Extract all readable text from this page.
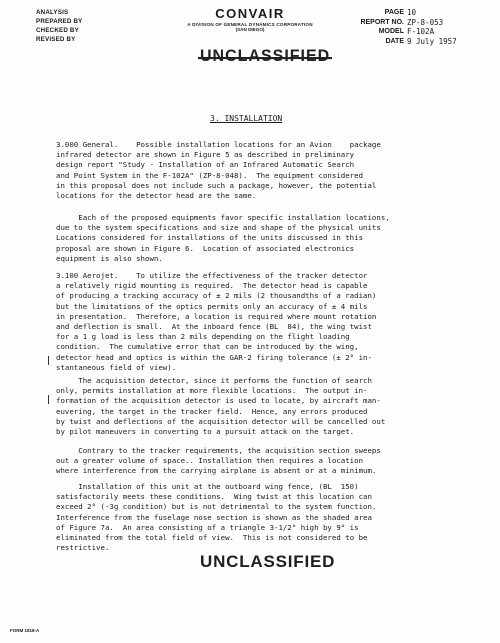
ANALYSIS
PREPARED BY
CHECKED BY
REVISED BY
CONVAIR
A DIVISION OF GENERAL DYNAMICS CORPORATION
(SAN DIEGO)
PAGE 10
REPORT NO. ZP-8-053
MODEL F-102A
DATE 9 July 1957
3. INSTALLATION
3.000 General.    Possible installation locations for an Avion    package
infrared detector are shown in Figure 5 as described in preliminary
design report "Study - Installation of an Infrared Automatic Search
and Point System in the F-102A" (ZP-8-048).  The equipment considered
in this proposal does not include such a package, however, the potential
locations for the detector head are the same.
Each of the proposed equipments favor specific installation locations,
due to the system specifications and size and shape of the physical units
Locations considered for installations of the units discussed in this
proposal are shown in Figure 6.  Location of associated electronics
equipment is also shown.
3.100 Aerojet.    To utilize the effectiveness of the tracker detector
a relatively rigid mounting is required.  The detector head is capable
of producing a tracking accuracy of ± 2 mils (2 thousandths of a radian)
but the limitations of the optics permits only an accuracy of ± 4 mils
in presentation.  Therefore, a location is required where mount rotation
and deflection is small.  At the inboard fence (BL  84), the wing twist
for a 1 g load is less than 2 mils depending on the flight loading
condition.  The cumulative error that can be introduced by the wing,
detector head and optics is within the GAR-2 firing tolerance (± 2° in-
stantaneous field of view).
The acquisition detector, since it performs the function of search
only, permits installation at more flexible locations.  The output in-
formation of the acquisition detector is used to locate, by aircraft man-
euvering, the target in the tracker field.  Hence, any errors produced
by twist and deflections of the acquisition detector will be cancelled out
by pilot maneuvers in converting to a pursuit attack on the target.
Contrary to the tracker requirements, the acquisition section sweeps
out a greater volume of space.. Installation then requires a location
where interference from the carrying airplane is absent or at a minimum.
Installation of this unit at the outboard wing fence, (BL  150)
satisfactorily meets these conditions.  Wing twist at this location can
exceed 2° (-3g condition) but is not detrimental to the system function.
Interference from the fuselage nose section is shown as the shaded area
of Figure 7a.  An area consisting of a triangle 3-1/2° high by 9° is
eliminated from the total field of view.  This is not considered to be
restrictive.
UNCLASSIFIED
FORM 1818-A
